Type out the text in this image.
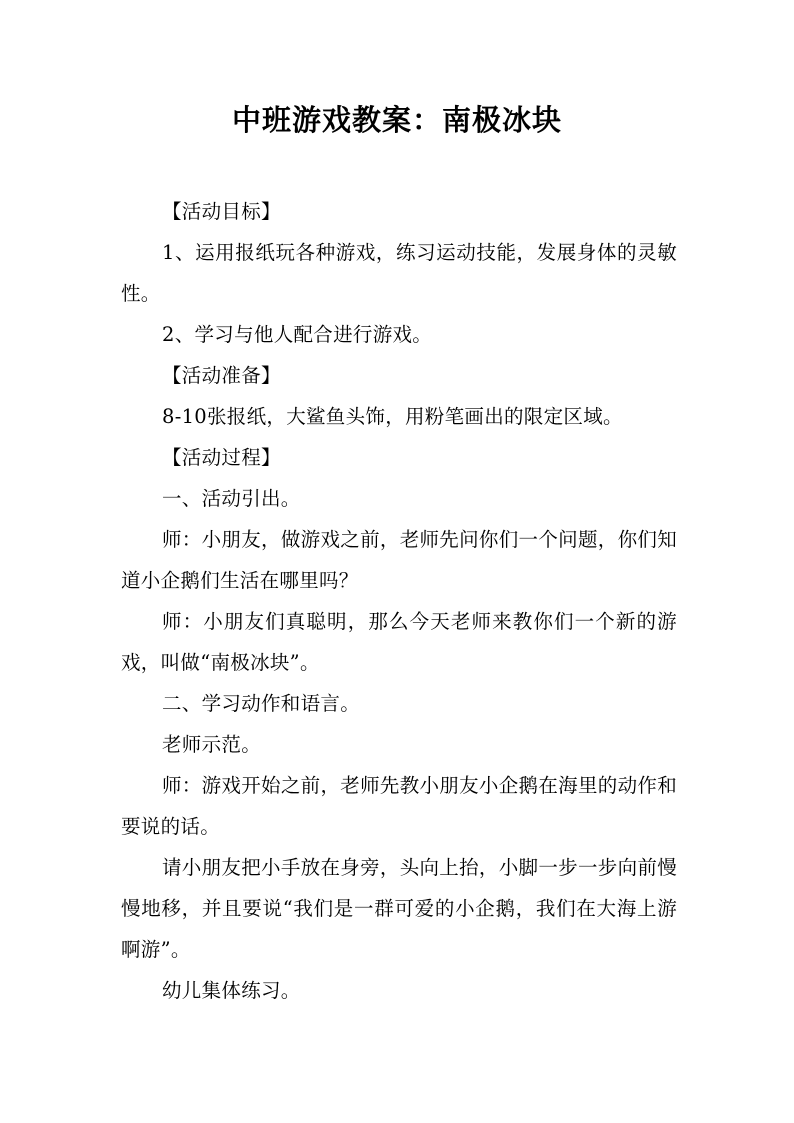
中班游戏教案：南极冰块

【活动目标】

1、运用报纸玩各种游戏，练习运动技能，发展身体的灵敏性。

2、学习与他人配合进行游戏。

【活动准备】

8-10张报纸，大鲨鱼头饰，用粉笔画出的限定区域。

【活动过程】

一、活动引出。

师：小朋友，做游戏之前，老师先问你们一个问题，你们知道小企鹅们生活在哪里吗？

师：小朋友们真聪明，那么今天老师来教你们一个新的游戏，叫做“南极冰块”。

二、学习动作和语言。

老师示范。

师：游戏开始之前，老师先教小朋友小企鹅在海里的动作和要说的话。

请小朋友把小手放在身旁，头向上抬，小脚一步一步向前慢慢地移，并且要说“我们是一群可爱的小企鹅，我们在大海上游啊游”。

幼儿集体练习。
